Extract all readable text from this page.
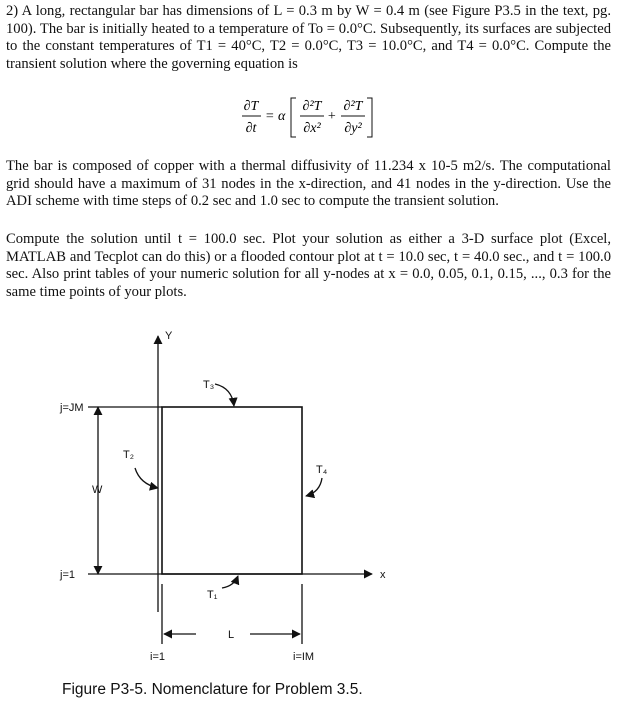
2) A long, rectangular bar has dimensions of L = 0.3 m by W = 0.4 m (see Figure P3.5 in the text, pg. 100). The bar is initially heated to a temperature of To = 0.0°C. Subsequently, its surfaces are subjected to the constant temperatures of T1 = 40°C, T2 = 0.0°C, T3 = 10.0°C, and T4 = 0.0°C. Compute the transient solution where the governing equation is

∂T
∂t
= α
∂²T
∂x²
+
∂²T
∂y²

The bar is composed of copper with a thermal diffusivity of 11.234 x 10-5 m2/s. The computational grid should have a maximum of 31 nodes in the x-direction, and 41 nodes in the y-direction. Use the ADI scheme with time steps of 0.2 sec and 1.0 sec to compute the transient solution.

Compute the solution until t = 100.0 sec. Plot your solution as either a 3-D surface plot (Excel, MATLAB and Tecplot can do this) or a flooded contour plot at t = 10.0 sec, t = 40.0 sec., and t = 100.0 sec. Also print tables of your numeric solution for all y-nodes at x = 0.0, 0.05, 0.1, 0.15, ..., 0.3 for the same time points of your plots.

Y
x
j=JM
j=1
W
L
i=1	i=IM
T₃
T₂
T₄
T₁

Figure P3-5. Nomenclature for Problem 3.5.
